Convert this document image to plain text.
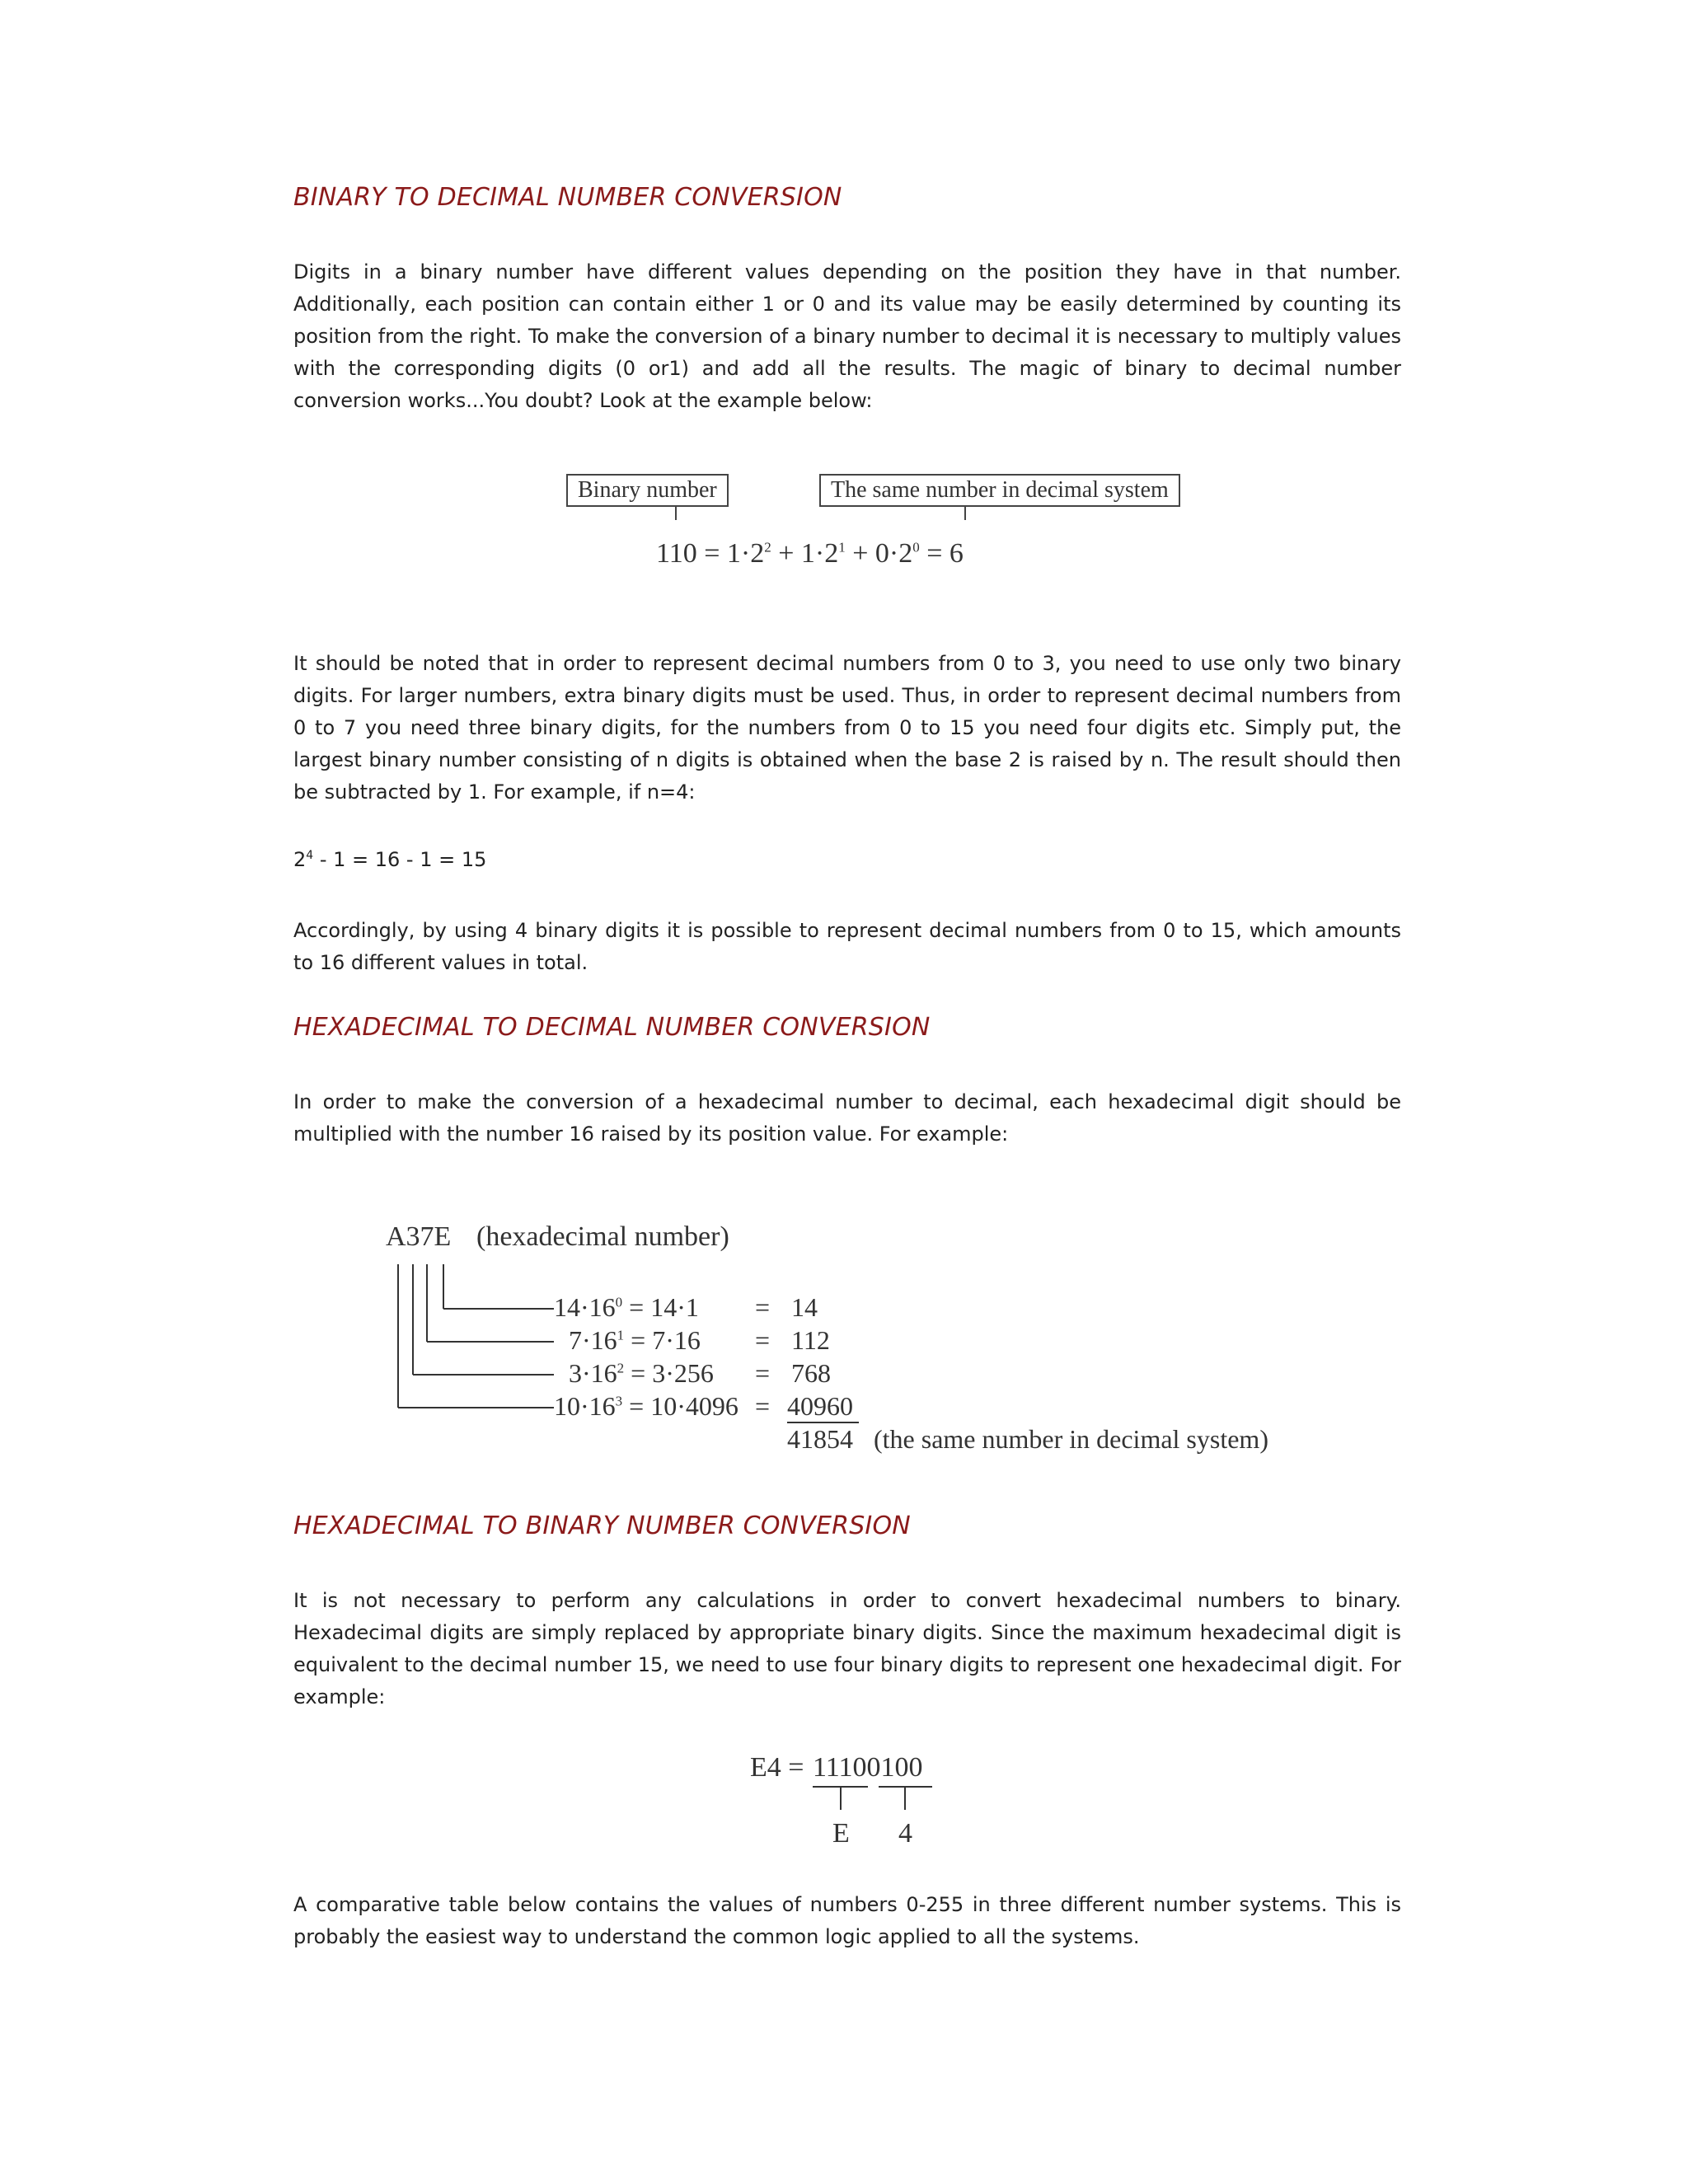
BINARY TO DECIMAL NUMBER CONVERSION

Digits in a binary number have different values depending on the position they have in that number. Additionally, each position can contain either 1 or 0 and its value may be easily determined by counting its position from the right. To make the conversion of a binary number to decimal it is necessary to multiply values with the corresponding digits (0 or1) and add all the results. The magic of binary to decimal number conversion works...You doubt? Look at the example below:

Binary number	The same number in decimal system
$110 = 1\cdot 2^2 + 1\cdot 2^1 + 0\cdot 2^0 = 6$

It should be noted that in order to represent decimal numbers from 0 to 3, you need to use only two binary digits. For larger numbers, extra binary digits must be used. Thus, in order to represent decimal numbers from 0 to 7 you need three binary digits, for the numbers from 0 to 15 you need four digits etc. Simply put, the largest binary number consisting of n digits is obtained when the base 2 is raised by n. The result should then be subtracted by 1. For example, if n=4:

$2^4 - 1 = 16 - 1 = 15$

Accordingly, by using 4 binary digits it is possible to represent decimal numbers from 0 to 15, which amounts to 16 different values in total.

HEXADECIMAL TO DECIMAL NUMBER CONVERSION

In order to make the conversion of a hexadecimal number to decimal, each hexadecimal digit should be multiplied with the number 16 raised by its position value. For example:

A37E (hexadecimal number)
$14\cdot 16^0 = 14\cdot 1 = 14$
$7\cdot 16^1 = 7\cdot 16 = 112$
$3\cdot 16^2 = 3\cdot 256 = 768$
$10\cdot 16^3 = 10\cdot 4096 = 40960$
41854 (the same number in decimal system)
HEXADECIMAL TO BINARY NUMBER CONVERSION

It is not necessary to perform any calculations in order to convert hexadecimal numbers to binary. Hexadecimal digits are simply replaced by appropriate binary digits. Since the maximum hexadecimal digit is equivalent to the decimal number 15, we need to use four binary digits to represent one hexadecimal digit. For example:

E4 = 11100100
E 4

A comparative table below contains the values of numbers 0-255 in three different number systems. This is probably the easiest way to understand the common logic applied to all the systems.
